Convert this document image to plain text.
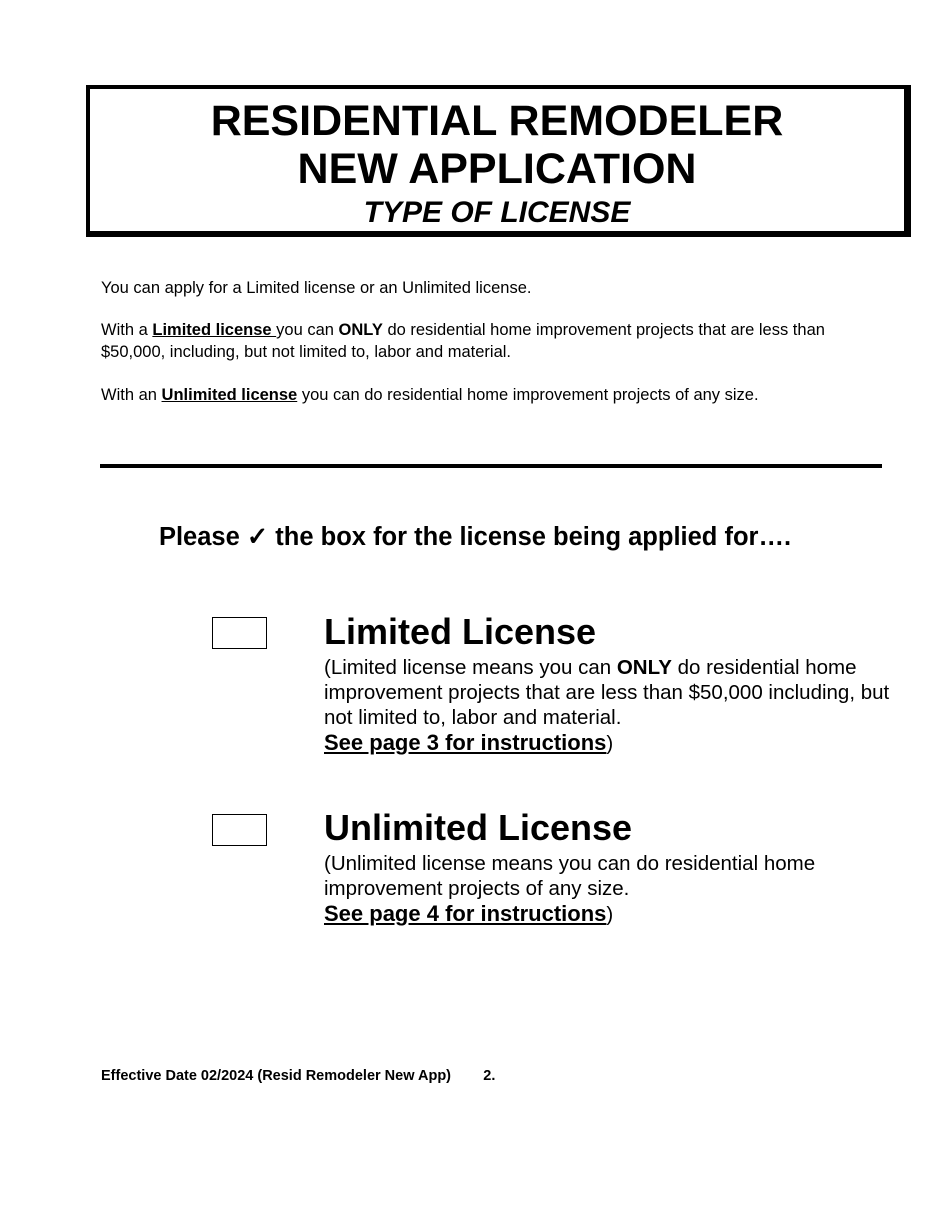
RESIDENTIAL REMODELER
NEW APPLICATION
TYPE OF LICENSE
You can apply for a Limited license or an Unlimited license.
With a Limited license you can ONLY do residential home improvement projects that are less than $50,000, including, but not limited to, labor and material.
With an Unlimited license you can do residential home improvement projects of any size.
Please ✓ the box for the license being applied for….
Limited License
(Limited license means you can ONLY do residential home improvement projects that are less than $50,000 including, but not limited to, labor and material.
See page 3 for instructions)
Unlimited License
(Unlimited license means you can do residential home improvement projects of any size.
See page 4 for instructions)
Effective Date 02/2024 (Resid Remodeler New App) 2.
